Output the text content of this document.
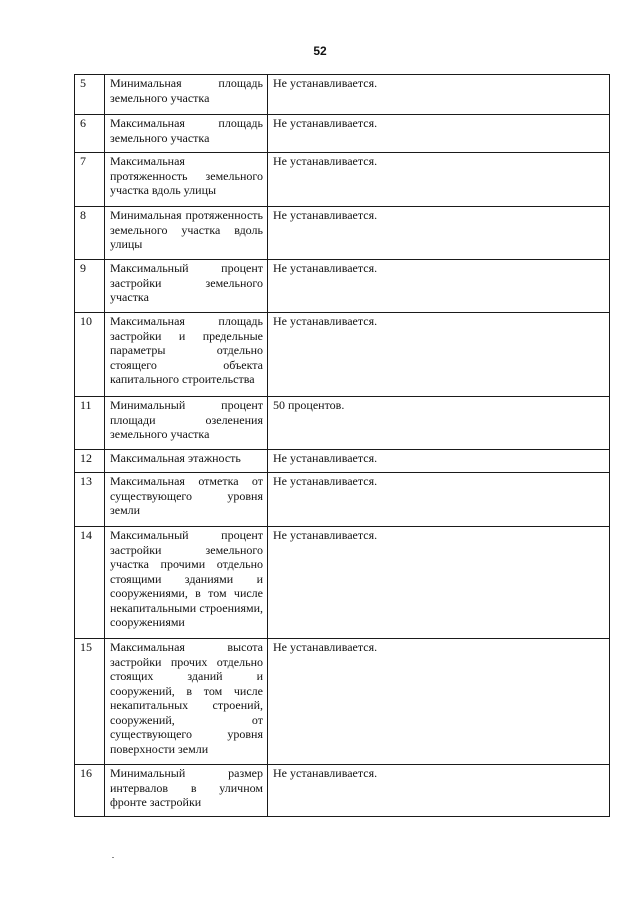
52
5	Минимальная площадь земельного участка	Не устанавливается.
6	Максимальная площадь земельного участка	Не устанавливается.
7	Максимальная протяженность земельного участка вдоль улицы	Не устанавливается.
8	Минимальная протяженность земельного участка вдоль улицы	Не устанавливается.
9	Максимальный процент застройки земельного участка	Не устанавливается.
10	Максимальная площадь застройки и предельные параметры отдельно стоящего объекта капитального строительства	Не устанавливается.
11	Минимальный процент площади озеленения земельного участка	50 процентов.
12	Максимальная этажность	Не устанавливается.
13	Максимальная отметка от существующего уровня земли	Не устанавливается.
14	Максимальный процент застройки земельного участка прочими отдельно стоящими зданиями и сооружениями, в том числе некапитальными строениями, сооружениями	Не устанавливается.
15	Максимальная высота застройки прочих отдельно стоящих зданий и сооружений, в том числе некапитальных строений, сооружений, от существующего уровня поверхности земли	Не устанавливается.
16	Минимальный размер интервалов в уличном фронте застройки	Не устанавливается.
